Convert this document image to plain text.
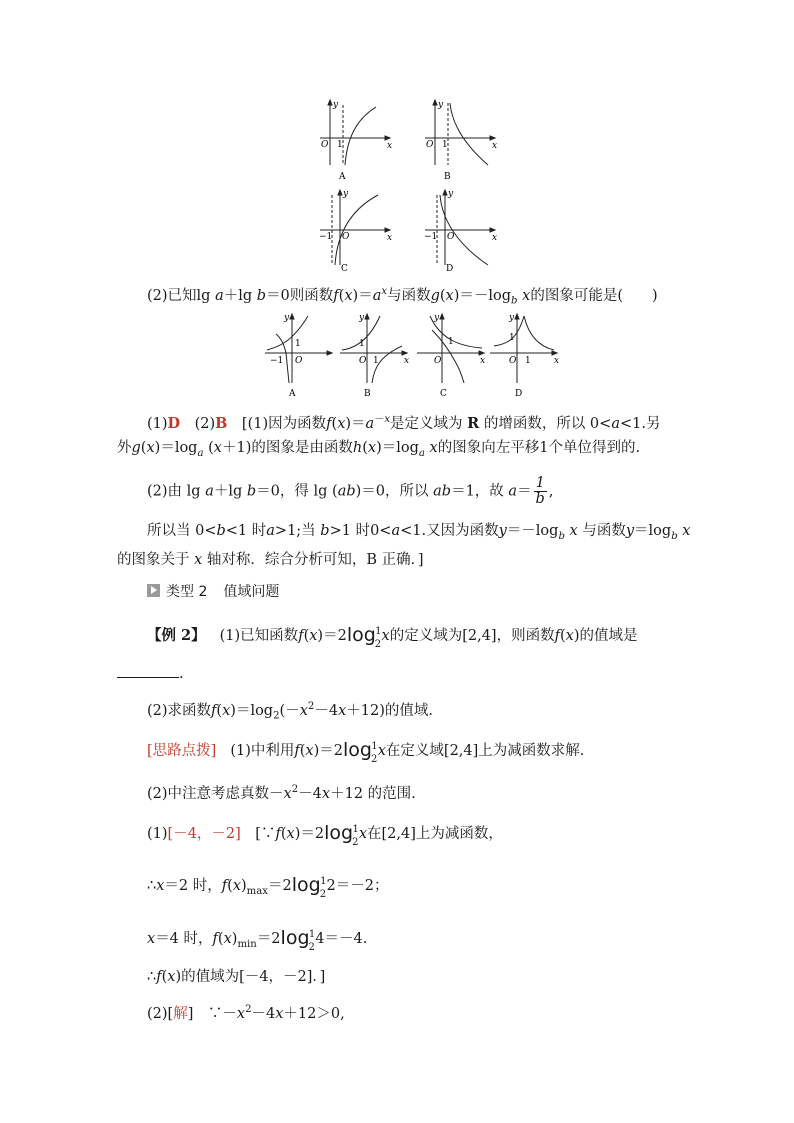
y
x
O 1
A
y
x
O 1
B
y
x
−1 O
C
y
x
−1 O
D
(2)已知lg a＋lg b＝0则函数$f(x)=a^x$与函数$g(x)=-\log_b$ x的图象可能是(　　)
y
1
−1 O
A
y
1
O 1	x
B
y
1
O	x
C
y
1
O 1	x
D
(1)D　(2)B　[(1)因为函数$f(x)=a^{-x}$是定义域为 R 的增函数，所以 0<a<1.另
外$g(x)=\log_a$ (x＋1)的图象是由函数$h(x)=\log_a$ x的图象向左平移1个单位得到的.
(2)由 lg a＋lg b＝0，得 lg (ab)＝0，所以 ab＝1，故 $a= \frac{1}{b}$ ,
所以当 0<b<1 时a>1;当 b>1 时0<a<1.又因为函数$y=-\log_b$ x 与函数$y=\log_b$ x
的图象关于 x 轴对称．综合分析可知，B 正确．]
类型 2 值域问题
【例 2】 (1)已知函数$f(x)=2\log_2^1x$的定义域为[2,4]，则函数f(x)的值域是
.
(2)求函数$f(x)=\log_2(-x^2-4x+12)$的值域.
[思路点拨] (1)中利用$f(x)=2\log_2^1x$在定义域[2,4]上为减函数求解.
(2)中注意考虑真数$-x^2-4x+12$ 的范围.
(1)[－4，－2]　[$\because f(x)=2\log_2^1x$在[2,4]上为减函数，
∴x＝2 时，$f(x)_{max}=2\log_2^12=-2$；
x＝4 时，$f(x)_{min}=2\log_2^14=-4$.
∴f(x)的值域为[－4，－2]．]
(2)[解]　$\because-x^2-4x+12>0$,
